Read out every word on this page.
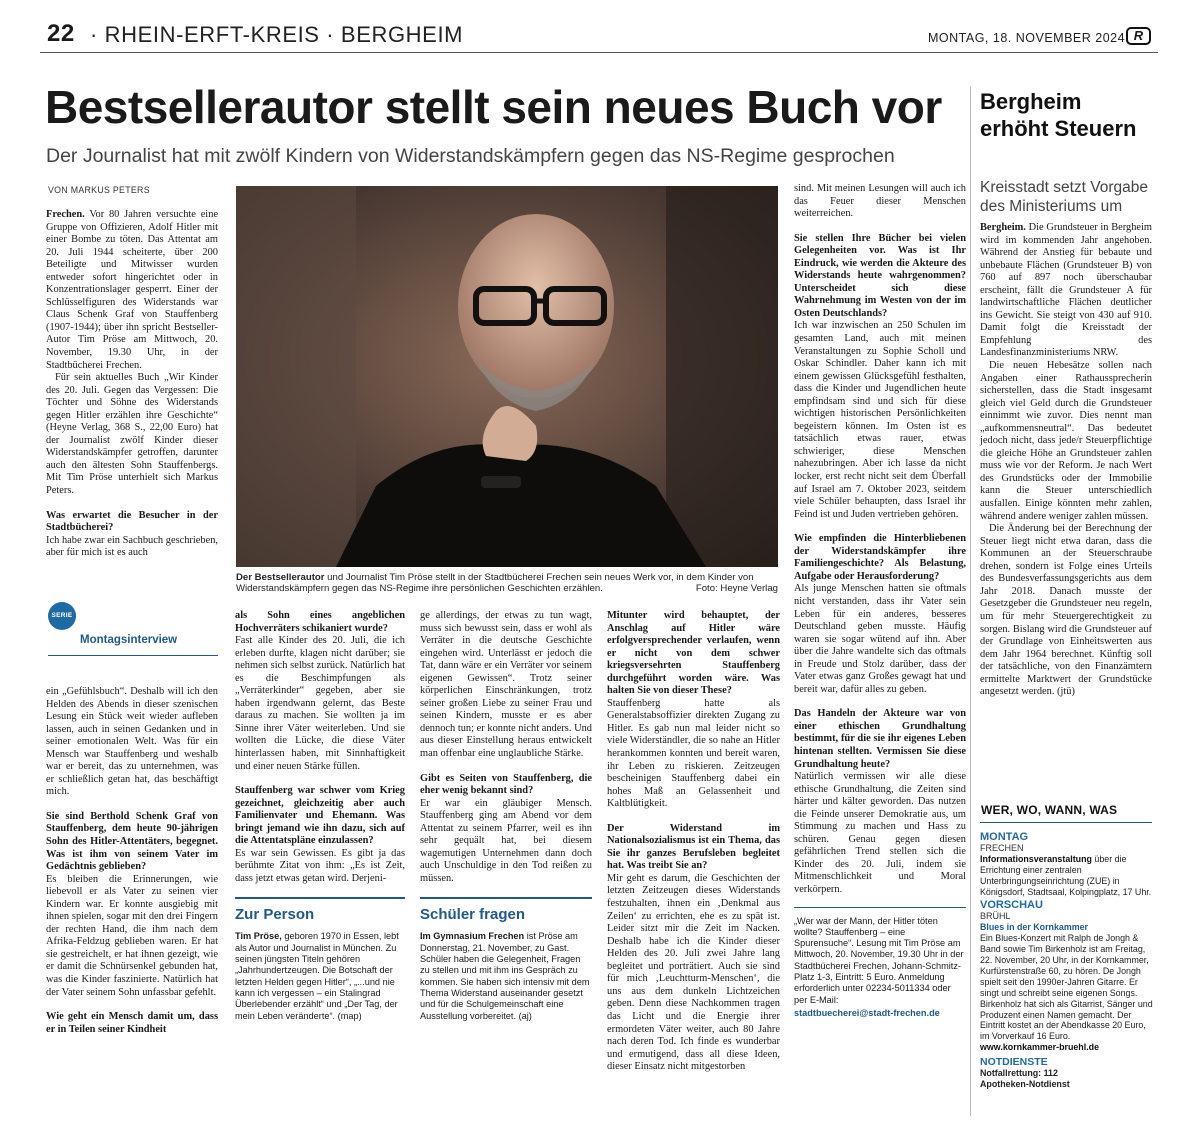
22 · RHEIN-ERFT-KREIS · BERGHEIM	MONTAG, 18. NOVEMBER 2024 R
Bestsellerautor stellt sein neues Buch vor
Der Journalist hat mit zwölf Kindern von Widerstandskämpfern gegen das NS-Regime gesprochen
VON MARKUS PETERS
Der Bestsellerautor und Journalist Tim Pröse stellt in der Stadtbücherei Frechen sein neues Werk vor, in dem Kinder von Widerstandskämpfern gegen das NS-Regime ihre persönlichen Geschichten erzählen.	Foto: Heyne Verlag

Frechen. Vor 80 Jahren versuchte eine Gruppe von Offizieren, Adolf Hitler mit einer Bombe zu töten. Das Attentat am 20. Juli 1944 scheiterte, über 200 Beteiligte und Mitwisser wurden entweder sofort hingerichtet oder in Konzentrationslager gesperrt. Einer der Schlüsselfiguren des Widerstands war Claus Schenk Graf von Stauffenberg (1907-1944); über ihn spricht Bestseller-Autor Tim Pröse am Mittwoch, 20. November, 19.30 Uhr, in der Stadtbücherei Frechen.

Für sein aktuelles Buch „Wir Kinder des 20. Juli. Gegen das Vergessen: Die Töchter und Söhne des Widerstands gegen Hitler erzählen ihre Geschichte“ (Heyne Verlag, 368 S., 22,00 Euro) hat der Journalist zwölf Kinder dieser Widerstandskämpfer getroffen, darunter auch den ältesten Sohn Stauffenbergs. Mit Tim Pröse unterhielt sich Markus Peters.

Was erwartet die Besucher in der Stadtbücherei?

Ich habe zwar ein Sachbuch geschrieben, aber für mich ist es auch

SERIE
Montagsinterview

ein „Gefühlsbuch“. Deshalb will ich den Helden des Abends in dieser szenischen Lesung ein Stück weit wieder aufleben lassen, auch in seinen Gedanken und in seiner emotionalen Welt. Was für ein Mensch war Stauffenberg und weshalb war er bereit, das zu unternehmen, was er schließlich getan hat, das beschäftigt mich.

Sie sind Berthold Schenk Graf von Stauffenberg, dem heute 90-jährigen Sohn des Hitler-Attentäters, begegnet. Was ist ihm von seinem Vater im Gedächtnis geblieben?

Es bleiben die Erinnerungen, wie liebevoll er als Vater zu seinen vier Kindern war. Er konnte ausgiebig mit ihnen spielen, sogar mit den drei Fingern der rechten Hand, die ihm nach dem Afrika-Feldzug geblieben waren. Er hat sie gestreichelt, er hat ihnen gezeigt, wie er damit die Schnürsenkel gebunden hat, was die Kinder faszinierte. Natürlich hat der Vater seinem Sohn unfassbar gefehlt.

Wie geht ein Mensch damit um, dass er in Teilen seiner Kindheit

als Sohn eines angeblichen Hochverräters schikaniert wurde?

Fast alle Kinder des 20. Juli, die ich erleben durfte, klagen nicht darüber; sie nehmen sich selbst zurück. Natürlich hat es die Beschimpfungen als „Verräterkinder“ gegeben, aber sie haben irgendwann gelernt, das Beste daraus zu machen. Sie wollten ja im Sinne ihrer Väter weiterleben. Und sie wollten die Lücke, die diese Väter hinterlassen haben, mit Sinnhaftigkeit und einer neuen Stärke füllen.

Stauffenberg war schwer vom Krieg gezeichnet, gleichzeitig aber auch Familienvater und Ehemann. Was bringt jemand wie ihn dazu, sich auf die Attentatspläne einzulassen?

Es war sein Gewissen. Es gibt ja das berühmte Zitat von ihm: „Es ist Zeit, dass jetzt etwas getan wird. Derjeni-

Zur Person

Tim Pröse, geboren 1970 in Essen, lebt als Autor und Journalist in München. Zu seinen jüngsten Titeln gehören „Jahrhundertzeugen. Die Botschaft der letzten Helden gegen Hitler“, „...und nie kann ich vergessen – ein Stalingrad Überlebender erzählt“ und „Der Tag, der mein Leben veränderte“. (map)

ge allerdings, der etwas zu tun wagt, muss sich bewusst sein, dass er wohl als Verräter in die deutsche Geschichte eingehen wird. Unterlässt er jedoch die Tat, dann wäre er ein Verräter vor seinem eigenen Gewissen“. Trotz seiner körperlichen Einschränkungen, trotz seiner großen Liebe zu seiner Frau und seinen Kindern, musste er es aber dennoch tun; er konnte nicht anders. Und aus dieser Einstellung heraus entwickelt man offenbar eine unglaubliche Stärke.

Gibt es Seiten von Stauffenberg, die eher wenig bekannt sind?

Er war ein gläubiger Mensch. Stauffenberg ging am Abend vor dem Attentat zu seinem Pfarrer, weil es ihn sehr gequält hat, bei diesem wagemutigen Unternehmen dann doch auch Unschuldige in den Tod reißen zu müssen.

Schüler fragen

Im Gymnasium Frechen ist Pröse am Donnerstag, 21. November, zu Gast. Schüler haben die Gelegenheit, Fragen zu stellen und mit ihm ins Gespräch zu kommen. Sie haben sich intensiv mit dem Thema Widerstand auseinander gesetzt und für die Schulgemeinschaft eine Ausstellung vorbereitet. (aj)

Mitunter wird behauptet, der Anschlag auf Hitler wäre erfolgversprechender verlaufen, wenn er nicht von dem schwer kriegsversehrten Stauffenberg durchgeführt worden wäre. Was halten Sie von dieser These?

Stauffenberg hatte als Generalstabsoffizier direkten Zugang zu Hitler. Es gab nun mal leider nicht so viele Widerständler, die so nahe an Hitler herankommen konnten und bereit waren, ihr Leben zu riskieren. Zeitzeugen bescheinigen Stauffenberg dabei ein hohes Maß an Gelassenheit und Kaltblütigkeit.

Der Widerstand im Nationalsozialismus ist ein Thema, das Sie ihr ganzes Berufsleben begleitet hat. Was treibt Sie an?

Mir geht es darum, die Geschichten der letzten Zeitzeugen dieses Widerstands festzuhalten, ihnen ein ‚Denkmal aus Zeilen‘ zu errichten, ehe es zu spät ist. Leider sitzt mir die Zeit im Nacken. Deshalb habe ich die Kinder dieser Helden des 20. Juli zwei Jahre lang begleitet und porträtiert. Auch sie sind für mich ‚Leuchtturm-Menschen‘, die uns aus dem dunkeln Lichtzeichen geben. Denn diese Nachkommen tragen das Licht und die Energie ihrer ermordeten Väter weiter, auch 80 Jahre nach deren Tod. Ich finde es wunderbar und ermutigend, dass all diese Ideen, dieser Einsatz nicht mitgestorben

sind. Mit meinen Lesungen will auch ich das Feuer dieser Menschen weiterreichen.

Sie stellen Ihre Bücher bei vielen Gelegenheiten vor. Was ist Ihr Eindruck, wie werden die Akteure des Widerstands heute wahrgenommen? Unterscheidet sich diese Wahrnehmung im Westen von der im Osten Deutschlands?

Ich war inzwischen an 250 Schulen im gesamten Land, auch mit meinen Veranstaltungen zu Sophie Scholl und Oskar Schindler. Daher kann ich mit einem gewissen Glücksgefühl festhalten, dass die Kinder und Jugendlichen heute empfindsam sind und sich für diese wichtigen historischen Persönlichkeiten begeistern können. Im Osten ist es tatsächlich etwas rauer, etwas schwieriger, diese Menschen nahezubringen. Aber ich lasse da nicht locker, erst recht nicht seit dem Überfall auf Israel am 7. Oktober 2023, seitdem viele Schüler behaupten, dass Israel ihr Feind ist und Juden vertrieben gehören.

Wie empfinden die Hinterbliebenen der Widerstandskämpfer ihre Familiengeschichte? Als Belastung, Aufgabe oder Herausforderung?

Als junge Menschen hatten sie oftmals nicht verstanden, dass ihr Vater sein Leben für ein anderes, besseres Deutschland geben musste. Häufig waren sie sogar wütend auf ihn. Aber über die Jahre wandelte sich das oftmals in Freude und Stolz darüber, dass der Vater etwas ganz Großes gewagt hat und bereit war, dafür alles zu geben.

Das Handeln der Akteure war von einer ethischen Grundhaltung bestimmt, für die sie ihr eigenes Leben hintenan stellten. Vermissen Sie diese Grundhaltung heute?

Natürlich vermissen wir alle diese ethische Grundhaltung, die Zeiten sind härter und kälter geworden. Das nutzen die Feinde unserer Demokratie aus, um Stimmung zu machen und Hass zu schüren. Genau gegen diesen gefährlichen Trend stellen sich die Kinder des 20. Juli, indem sie Mitmenschlichkeit und Moral verkörpern.

„Wer war der Mann, der Hitler töten wollte? Stauffenberg – eine Spurensuche“. Lesung mit Tim Pröse am Mittwoch, 20. November, 19.30 Uhr in der Stadtbücherei Frechen, Johann-Schmitz-Platz 1-3, Eintritt: 5 Euro. Anmeldung erforderlich unter 02234-5011334 oder per E-Mail:

stadtbuecherei@stadt-frechen.de

Bergheim erhöht Steuern
Kreisstadt setzt Vorgabe des Ministeriums um

Bergheim. Die Grundsteuer in Bergheim wird im kommenden Jahr angehoben. Während der Anstieg für bebaute und unbebaute Flächen (Grundsteuer B) von 760 auf 897 noch überschaubar erscheint, fällt die Grundsteuer A für landwirtschaftliche Flächen deutlicher ins Gewicht. Sie steigt von 430 auf 910. Damit folgt die Kreisstadt der Empfehlung des Landesfinanzministeriums NRW.

Die neuen Hebesätze sollen nach Angaben einer Rathaussprecherin sicherstellen, dass die Stadt insgesamt gleich viel Geld durch die Grundsteuer einnimmt wie zuvor. Dies nennt man „aufkommensneutral“. Das bedeutet jedoch nicht, dass jede/r Steuerpflichtige die gleiche Höhe an Grundsteuer zahlen muss wie vor der Reform. Je nach Wert des Grundstücks oder der Immobilie kann die Steuer unterschiedlich ausfallen. Einige könnten mehr zahlen, während andere weniger zahlen müssen.

Die Änderung bei der Berechnung der Steuer liegt nicht etwa daran, dass die Kommunen an der Steuerschraube drehen, sondern ist Folge eines Urteils des Bundesverfassungsgerichts aus dem Jahr 2018. Danach musste der Gesetzgeber die Grundsteuer neu regeln, um für mehr Steuergerechtigkeit zu sorgen. Bislang wird die Grundsteuer auf der Grundlage von Einheitswerten aus dem Jahr 1964 berechnet. Künftig soll der tatsächliche, von den Finanzämtern ermittelte Marktwert der Grundstücke angesetzt werden. (jtü)

WER, WO, WANN, WAS
MONTAG
FRECHEN
Informationsveranstaltung über die Errichtung einer zentralen Unterbringungseinrichtung (ZUE) in Königsdorf, Stadtsaal, Kolpingplatz, 17 Uhr.
VORSCHAU
BRÜHL
Blues in der Kornkammer
Ein Blues-Konzert mit Ralph de Jongh & Band sowie Tim Birkenholz ist am Freitag, 22. November, 20 Uhr, in der Kornkammer, Kurfürstenstraße 60, zu hören. De Jongh spielt seit den 1990er-Jahren Gitarre. Er singt und schreibt seine eigenen Songs. Birkenholz hat sich als Gitarrist, Sänger und Produzent einen Namen gemacht. Der Eintritt kostet an der Abendkasse 20 Euro, im Vorverkauf 16 Euro.
www.kornkammer-bruehl.de
NOTDIENSTE
Notfallrettung: 112
Apotheken-Notdienst
